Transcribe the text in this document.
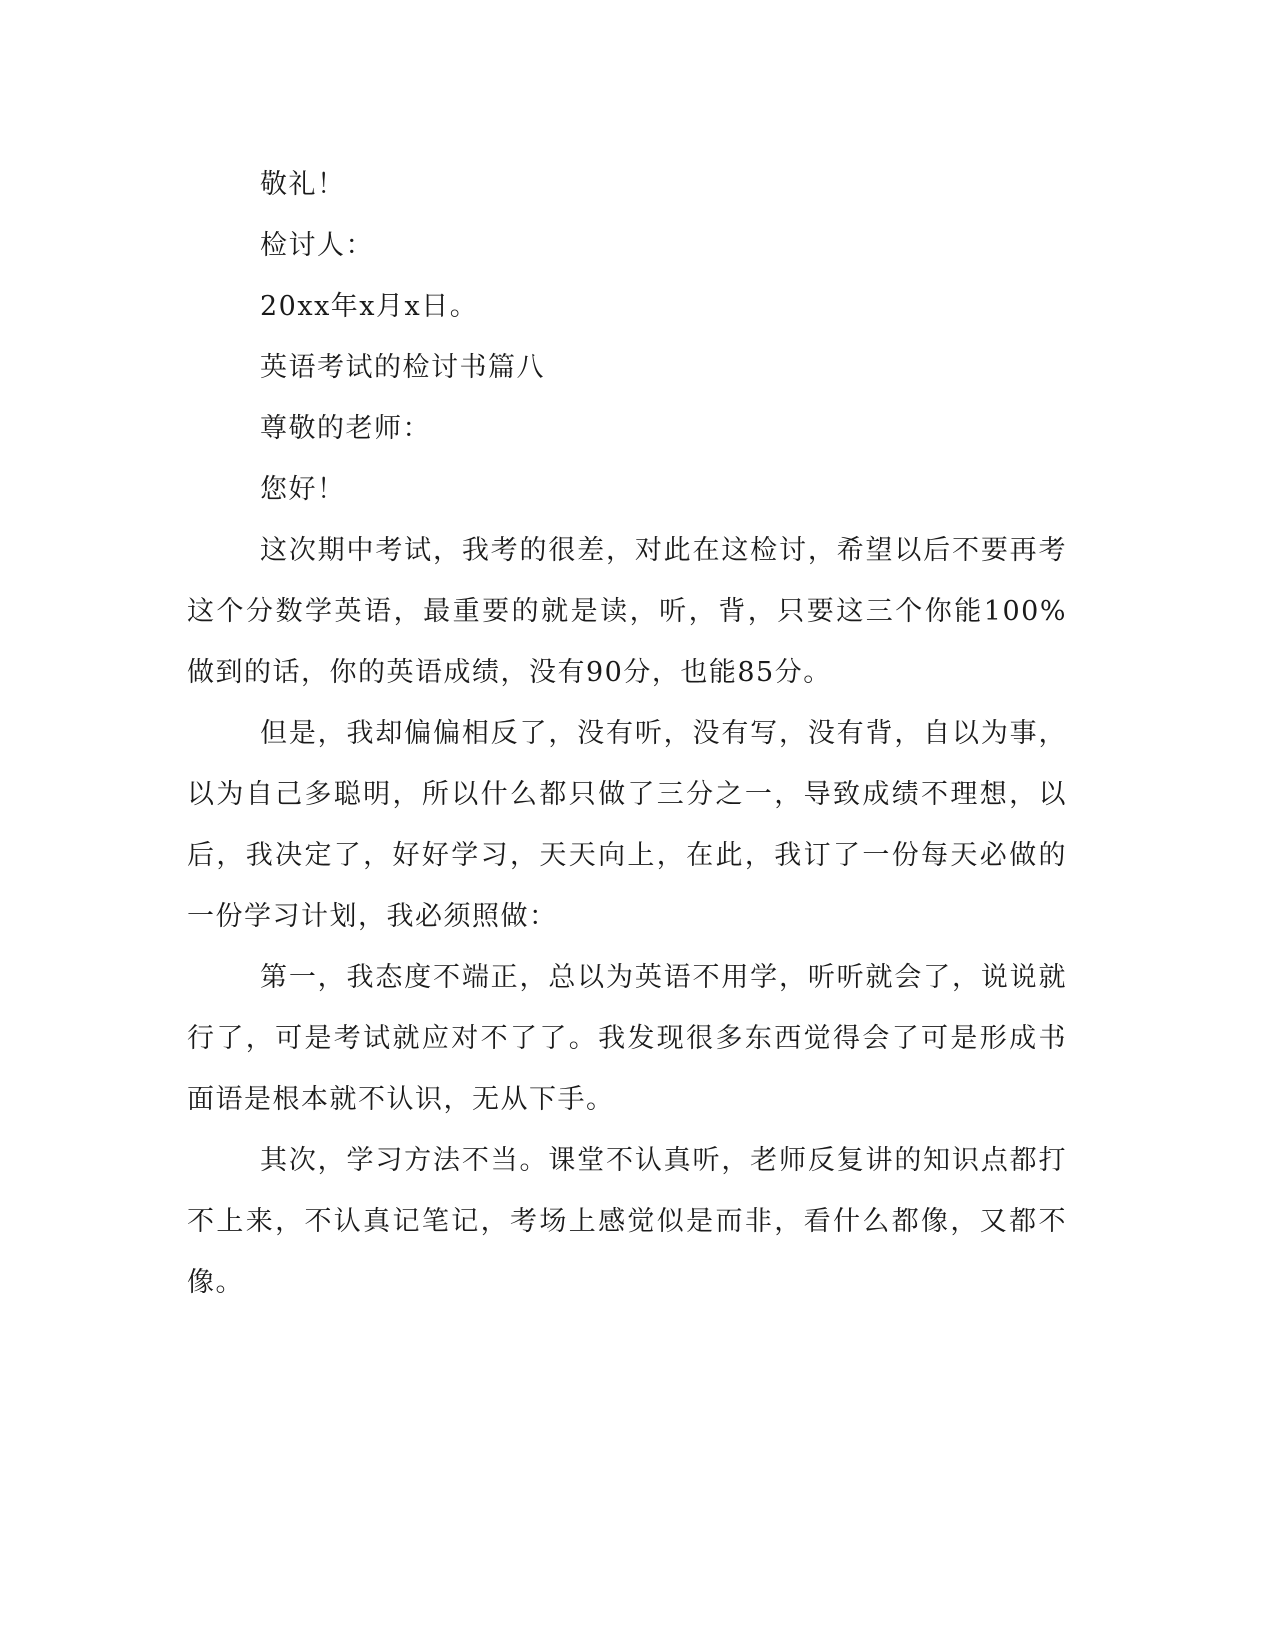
敬礼！

检讨人：

20xx年x月x日。

英语考试的检讨书篇八

尊敬的老师：

您好！

这次期中考试，我考的很差，对此在这检讨，希望以后不要再考这个分数学英语，最重要的就是读，听，背，只要这三个你能100%做到的话，你的英语成绩，没有90分，也能85分。

但是，我却偏偏相反了，没有听，没有写，没有背，自以为事，以为自己多聪明，所以什么都只做了三分之一，导致成绩不理想，以后，我决定了，好好学习，天天向上，在此，我订了一份每天必做的一份学习计划，我必须照做：

第一，我态度不端正，总以为英语不用学，听听就会了，说说就行了，可是考试就应对不了了。我发现很多东西觉得会了可是形成书面语是根本就不认识，无从下手。

其次，学习方法不当。课堂不认真听，老师反复讲的知识点都打不上来，不认真记笔记，考场上感觉似是而非，看什么都像，又都不像。
